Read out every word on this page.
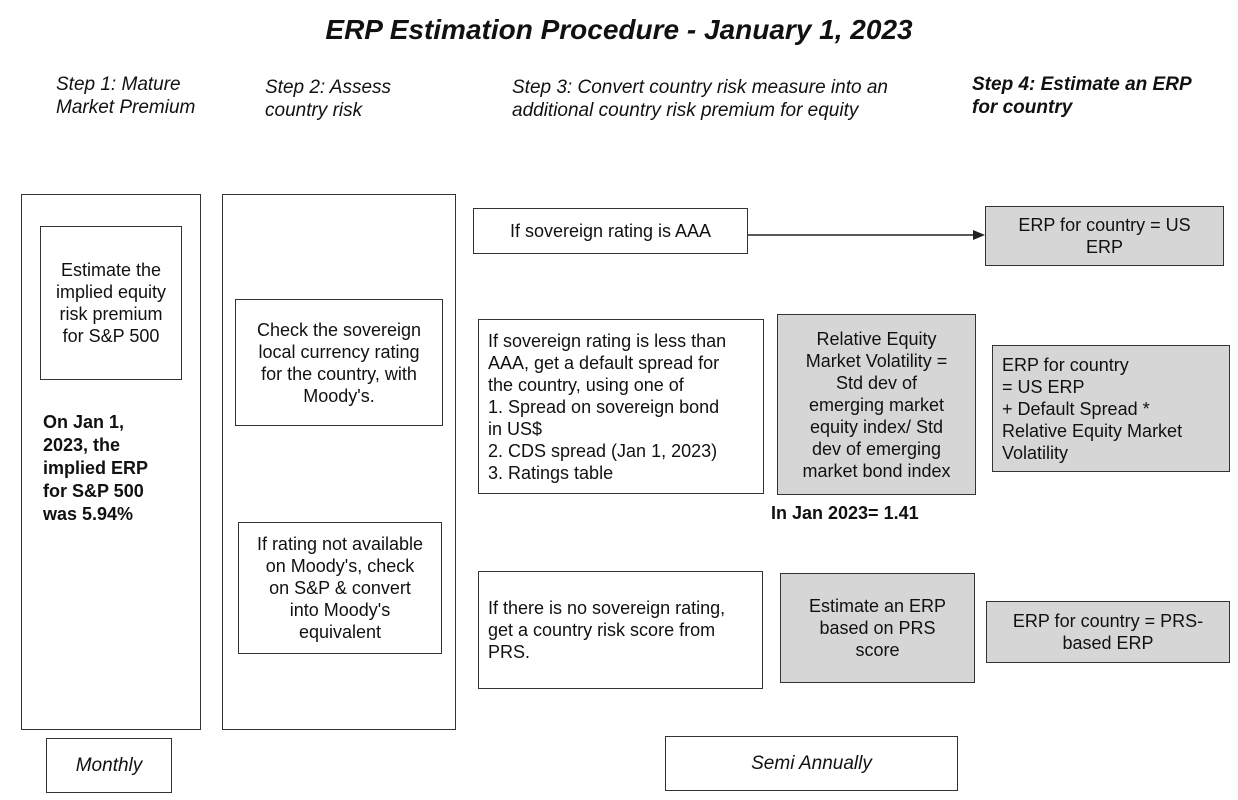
ERP Estimation Procedure - January 1, 2023
Step 1: Mature
Market Premium
Step 2: Assess
country risk
Step 3: Convert country risk measure into an
additional country risk premium for equity
Step 4: Estimate an ERP
for country
Estimate the
implied equity
risk premium
for S&P 500
On Jan 1,
2023, the
implied ERP
for S&P 500
was 5.94%
Check the sovereign
local currency rating
for the country, with
Moody's.
If rating not available
on Moody's, check
on S&P & convert
into Moody's
equivalent
If sovereign rating is AAA
If sovereign rating is less than
AAA, get a default spread for
the country, using one of
1. Spread on sovereign bond
in US$
2. CDS spread (Jan 1, 2023)
3. Ratings table
Relative Equity
Market Volatility =
Std dev of
emerging market
equity index/ Std
dev of emerging
market bond index
In Jan 2023= 1.41
If there is no sovereign rating,
get a country risk score from
PRS.
Estimate an ERP
based on PRS
score
ERP for country = US
ERP
ERP for country
= US ERP
+ Default Spread *
Relative Equity Market
Volatility
ERP for country = PRS-
based ERP
Monthly	Semi Annually
